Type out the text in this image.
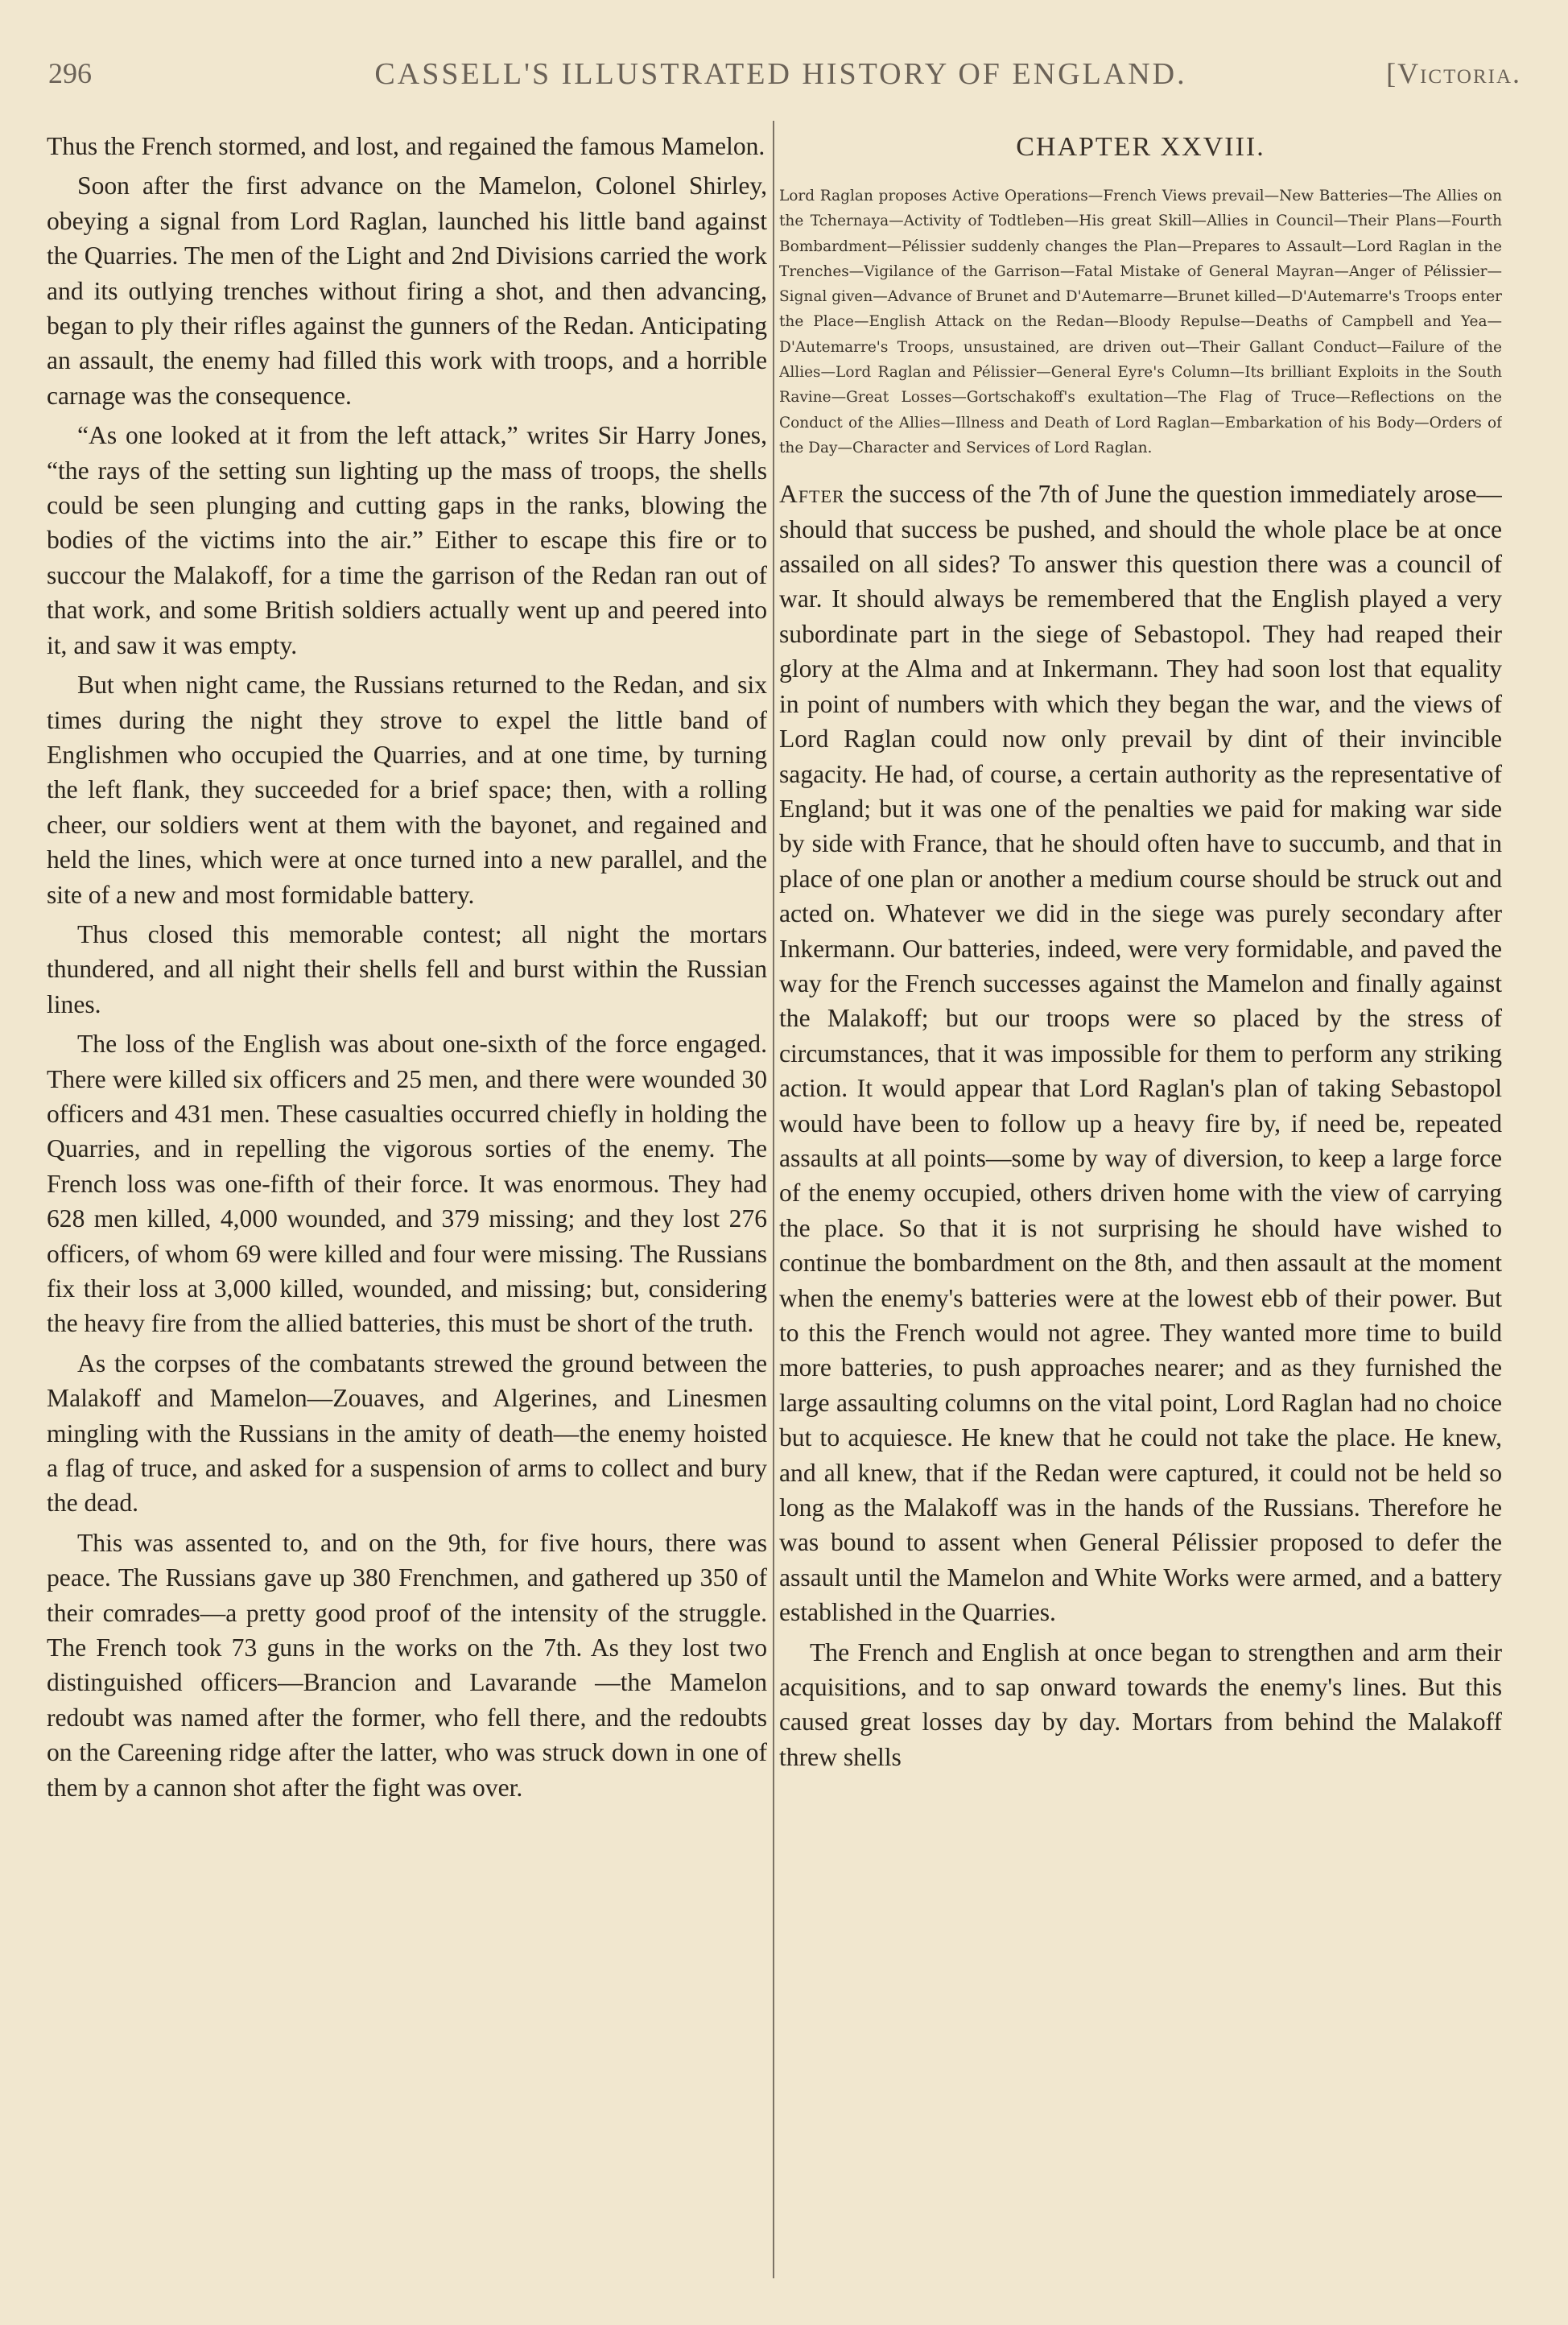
296	CASSELL'S ILLUSTRATED HISTORY OF ENGLAND.	[Victoria.

Thus the French stormed, and lost, and regained the famous Mamelon.

Soon after the first advance on the Mamelon, Colonel Shirley, obeying a signal from Lord Raglan, launched his little band against the Quarries. The men of the Light and 2nd Divisions carried the work and its outlying trenches without firing a shot, and then advancing, began to ply their rifles against the gunners of the Redan. Anticipating an assault, the enemy had filled this work with troops, and a horrible carnage was the consequence.

“As one looked at it from the left attack,” writes Sir Harry Jones, “the rays of the setting sun lighting up the mass of troops, the shells could be seen plunging and cutting gaps in the ranks, blowing the bodies of the victims into the air.” Either to escape this fire or to succour the Malakoff, for a time the garrison of the Redan ran out of that work, and some British soldiers actually went up and peered into it, and saw it was empty.

But when night came, the Russians returned to the Redan, and six times during the night they strove to expel the little band of Englishmen who occupied the Quarries, and at one time, by turning the left flank, they succeeded for a brief space; then, with a rolling cheer, our soldiers went at them with the bayonet, and regained and held the lines, which were at once turned into a new parallel, and the site of a new and most formidable battery.

Thus closed this memorable contest; all night the mortars thundered, and all night their shells fell and burst within the Russian lines.

The loss of the English was about one-sixth of the force engaged. There were killed six officers and 25 men, and there were wounded 30 officers and 431 men. These casualties occurred chiefly in holding the Quarries, and in repelling the vigorous sorties of the enemy. The French loss was one-fifth of their force. It was enormous. They had 628 men killed, 4,000 wounded, and 379 missing; and they lost 276 officers, of whom 69 were killed and four were missing. The Russians fix their loss at 3,000 killed, wounded, and missing; but, considering the heavy fire from the allied batteries, this must be short of the truth.

As the corpses of the combatants strewed the ground between the Malakoff and Mamelon—Zouaves, and Algerines, and Linesmen mingling with the Russians in the amity of death—the enemy hoisted a flag of truce, and asked for a suspension of arms to collect and bury the dead.

This was assented to, and on the 9th, for five hours, there was peace. The Russians gave up 380 Frenchmen, and gathered up 350 of their comrades—a pretty good proof of the intensity of the struggle. The French took 73 guns in the works on the 7th. As they lost two distinguished officers—Brancion and Lavarande —the Mamelon redoubt was named after the former, who fell there, and the redoubts on the Careening ridge after the latter, who was struck down in one of them by a cannon shot after the fight was over.

CHAPTER XXVIII.
Lord Raglan proposes Active Operations—French Views prevail—New Batteries—The Allies on the Tchernaya—Activity of Todtleben—His great Skill—Allies in Council—Their Plans—Fourth Bombardment—Pélissier suddenly changes the Plan—Prepares to Assault—Lord Raglan in the Trenches—Vigilance of the Garrison—Fatal Mistake of General Mayran—Anger of Pélissier—Signal given—Advance of Brunet and D'Autemarre—Brunet killed—D'Autemarre's Troops enter the Place—English Attack on the Redan—Bloody Repulse—Deaths of Campbell and Yea—D'Autemarre's Troops, unsustained, are driven out—Their Gallant Conduct—Failure of the Allies—Lord Raglan and Pélissier—General Eyre's Column—Its brilliant Exploits in the South Ravine—Great Losses—Gortschakoff's exultation—The Flag of Truce—Reflections on the Conduct of the Allies—Illness and Death of Lord Raglan—Embarkation of his Body—Orders of the Day—Character and Services of Lord Raglan.

After the success of the 7th of June the question immediately arose—should that success be pushed, and should the whole place be at once assailed on all sides? To answer this question there was a council of war. It should always be remembered that the English played a very subordinate part in the siege of Sebastopol. They had reaped their glory at the Alma and at Inkermann. They had soon lost that equality in point of numbers with which they began the war, and the views of Lord Raglan could now only prevail by dint of their invincible sagacity. He had, of course, a certain authority as the representative of England; but it was one of the penalties we paid for making war side by side with France, that he should often have to succumb, and that in place of one plan or another a medium course should be struck out and acted on. Whatever we did in the siege was purely secondary after Inkermann. Our batteries, indeed, were very formidable, and paved the way for the French successes against the Mamelon and finally against the Malakoff; but our troops were so placed by the stress of circumstances, that it was impossible for them to perform any striking action. It would appear that Lord Raglan's plan of taking Sebastopol would have been to follow up a heavy fire by, if need be, repeated assaults at all points—some by way of diversion, to keep a large force of the enemy occupied, others driven home with the view of carrying the place. So that it is not surprising he should have wished to continue the bombardment on the 8th, and then assault at the moment when the enemy's batteries were at the lowest ebb of their power. But to this the French would not agree. They wanted more time to build more batteries, to push approaches nearer; and as they furnished the large assaulting columns on the vital point, Lord Raglan had no choice but to acquiesce. He knew that he could not take the place. He knew, and all knew, that if the Redan were captured, it could not be held so long as the Malakoff was in the hands of the Russians. Therefore he was bound to assent when General Pélissier proposed to defer the assault until the Mamelon and White Works were armed, and a battery established in the Quarries.

The French and English at once began to strengthen and arm their acquisitions, and to sap onward towards the enemy's lines. But this caused great losses day by day. Mortars from behind the Malakoff threw shells
